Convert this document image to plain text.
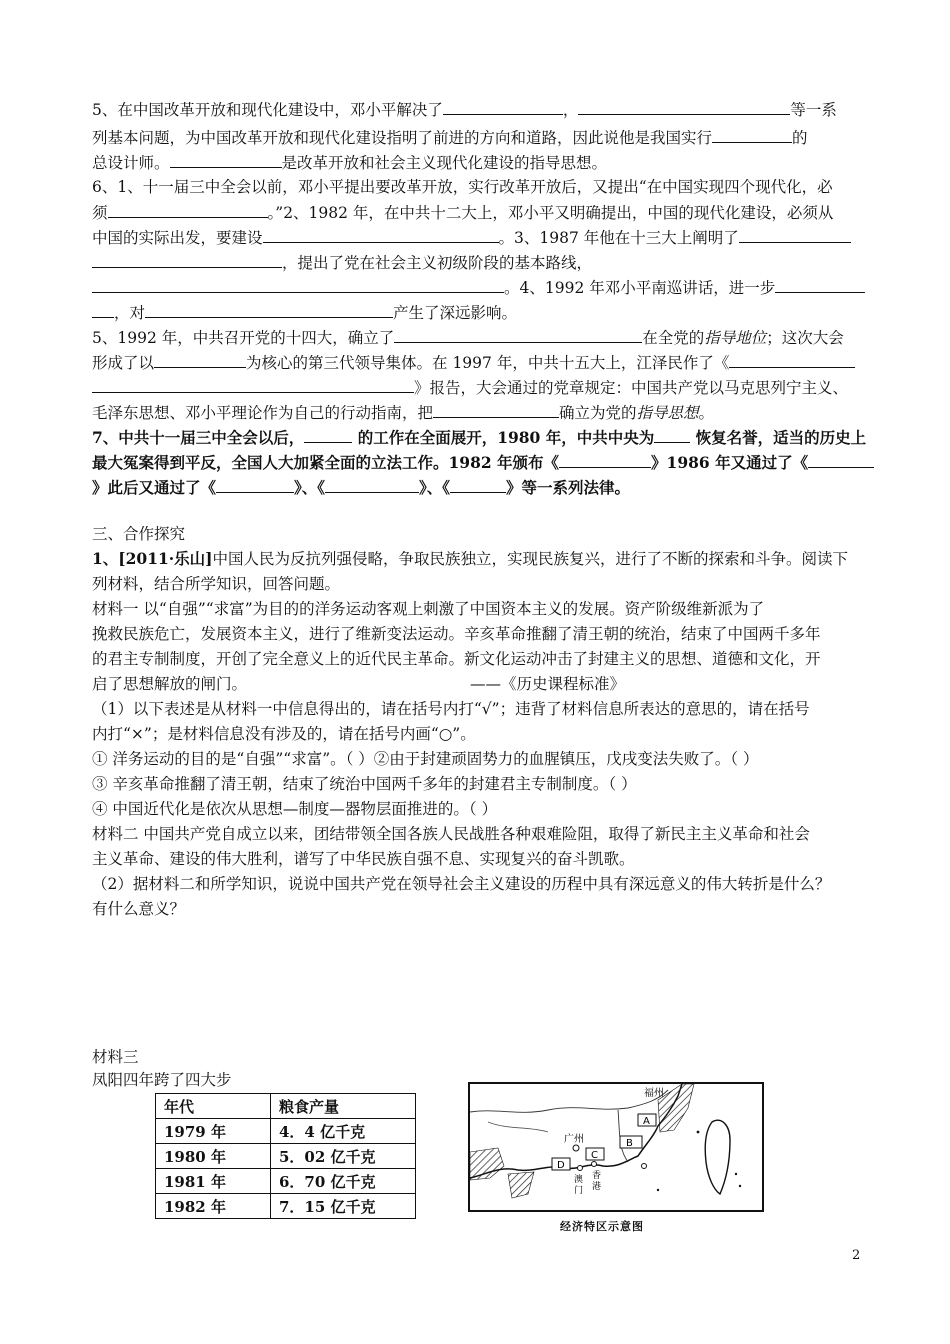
5、在中国改革开放和现代化建设中，邓小平解决了	，	等一系
列基本问题，为中国改革开放和现代化建设指明了前进的方向和道路，因此说他是我国实行	的
总设计师。	是改革开放和社会主义现代化建设的指导思想。
6、1、十一届三中全会以前，邓小平提出要改革开放，实行改革开放后，又提出“在中国实现四个现代化，必
须	。”2、1982 年，在中共十二大上，邓小平又明确提出，中国的现代化建设，必须从
中国的实际出发，要建设	。3、1987 年他在十三大上阐明了
，提出了党在社会主义初级阶段的基本路线，
。4、1992 年邓小平南巡讲话，进一步
，对	产生了深远影响。
5、1992 年，中共召开党的十四大，确立了	在全党的指导地位；这次大会
形成了以	为核心的第三代领导集体。在 1997 年，中共十五大上，江泽民作了《
》报告，大会通过的党章规定：中国共产党以马克思列宁主义、
毛泽东思想、邓小平理论作为自己的行动指南，把	确立为党的指导思想。
7、中共十一届三中全会以后，	的工作在全面展开，1980 年，中共中央为 恢复名誉，适当的历史上
最大冤案得到平反，全国人大加紧全面的立法工作。1982 年颁布《	》1986 年又通过了《
》此后又通过了《	》、《	》、《	》等一系列法律。
三、合作探究
1、[2011·乐山]中国人民为反抗列强侵略，争取民族独立，实现民族复兴，进行了不断的探索和斗争。阅读下
列材料，结合所学知识，回答问题。
材料一 以“自强”“求富”为目的的洋务运动客观上刺激了中国资本主义的发展。资产阶级维新派为了
挽救民族危亡，发展资本主义，进行了维新变法运动。辛亥革命推翻了清王朝的统治，结束了中国两千多年
的君主专制制度，开创了完全意义上的近代民主革命。新文化运动冲击了封建主义的思想、道德和文化，开
启了思想解放的闸门。	——《历史课程标准》
（1）以下表述是从材料一中信息得出的，请在括号内打“√”；违背了材料信息所表达的意思的，请在括号
内打“×”；是材料信息没有涉及的，请在括号内画“○”。
① 洋务运动的目的是“自强”“求富”。（ ）②由于封建顽固势力的血腥镇压，戊戌变法失败了。（ ）
③ 辛亥革命推翻了清王朝，结束了统治中国两千多年的封建君主专制制度。（ ）
④ 中国近代化是依次从思想—制度—器物层面推进的。（ ）
材料二 中国共产党自成立以来，团结带领全国各族人民战胜各种艰难险阻，取得了新民主主义革命和社会
主义革命、建设的伟大胜利，谱写了中华民族自强不息、实现复兴的奋斗凯歌。
（2）据材料二和所学知识，说说中国共产党在领导社会主义建设的历程中具有深远意义的伟大转折是什么？
有什么意义？
材料三
凤阳四年跨了四大步
年代	粮食产量
1979 年	4．4 亿千克
1980 年	5．02 亿千克
1981 年	6．70 亿千克
1982 年	7．15 亿千克
A
B
C
D
福州
广州
香
港
澳
门
经济特区示意图
2
